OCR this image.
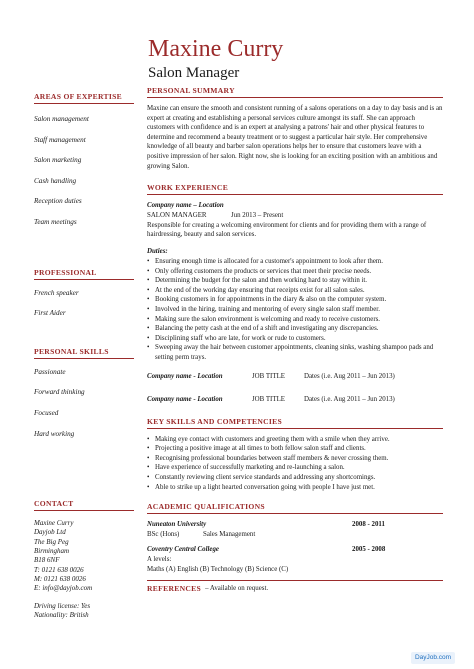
Maxine Curry
Salon Manager
AREAS OF EXPERTISE
Salon management
Staff management
Salon marketing
Cash handling
Reception duties
Team meetings
PROFESSIONAL
French speaker
First Aider
PERSONAL SKILLS
Passionate
Forward thinking
Focused
Hard working
CONTACT
Maxine Curry
Dayjob Ltd
The Big Peg
Birmingham
B18 6NF
T: 0121 638 0026
M: 0121 638 0026
E: info@dayjob.com
Driving license: Yes
Nationality: British
PERSONAL SUMMARY
Maxine can ensure the smooth and consistent running of a salons operations on a day to day basis and is an expert at creating and establishing a personal services culture amongst its staff. She can approach customers with confidence and is an expert at analysing a patrons' hair and other physical features to determine and recommend a beauty treatment or to suggest a particular hair style. Her comprehensive knowledge of all beauty and barber salon operations helps her to ensure that customers leave with a positive impression of her salon. Right now, she is looking for an exciting position with an ambitious and growing Salon.
WORK EXPERIENCE
Company name – Location
SALON MANAGER	Jun 2013 – Present
Responsible for creating a welcoming environment for clients and for providing them with a range of hairdressing, beauty and salon services.
Duties:
• Ensuring enough time is allocated for a customer's appointment to look after them.
• Only offering customers the products or services that meet their precise needs.
• Determining the budget for the salon and then working hard to stay within it.
• At the end of the working day ensuring that receipts exist for all salon sales.
• Booking customers in for appointments in the diary & also on the computer system.
• Involved in the hiring, training and mentoring of every single salon staff member.
• Making sure the salon environment is welcoming and ready to receive customers.
• Balancing the petty cash at the end of a shift and investigating any discrepancies.
• Disciplining staff who are late, for work or rude to customers.
• Sweeping away the hair between customer appointments, cleaning sinks, washing shampoo pads and setting perm trays.
Company name - Location	JOB TITLE	Dates (i.e. Aug 2011 – Jun 2013)
Company name - Location	JOB TITLE	Dates (i.e. Aug 2011 – Jun 2013)
KEY SKILLS AND COMPETENCIES
• Making eye contact with customers and greeting them with a smile when they arrive.
• Projecting a positive image at all times to both fellow salon staff and clients.
• Recognising professional boundaries between staff members & never crossing them.
• Have experience of successfully marketing and re-launching a salon.
• Constantly reviewing client service standards and addressing any shortcomings.
• Able to strike up a light hearted conversation going with people I have just met.
ACADEMIC QUALIFICATIONS
Nuneaton University	2008 - 2011
BSc (Hons)	Sales Management
Coventry Central College	2005 - 2008
A levels:
Maths (A) English (B) Technology (B) Science (C)
REFERENCES – Available on request.
DayJob.com
